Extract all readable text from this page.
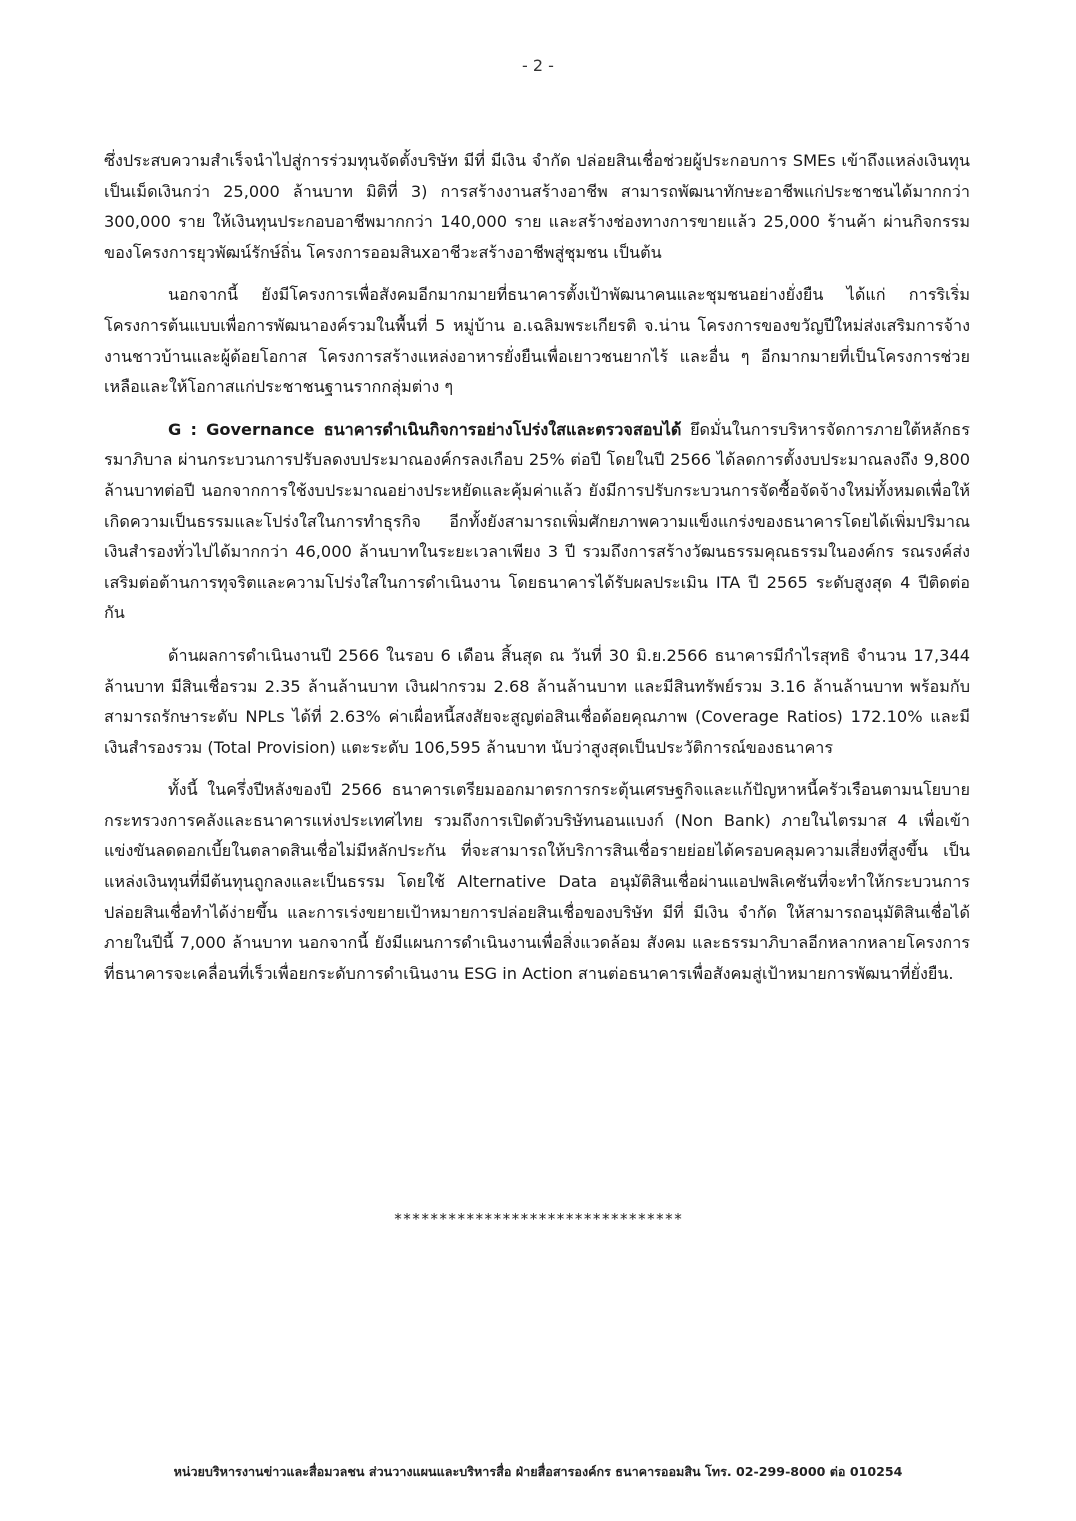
- 2 -

ซึ่งประสบความสำเร็จนำไปสู่การร่วมทุนจัดตั้งบริษัท มีที่ มีเงิน จำกัด ปล่อยสินเชื่อช่วยผู้ประกอบการ SMEs เข้าถึงแหล่งเงินทุนเป็นเม็ดเงินกว่า 25,000 ล้านบาท มิติที่ 3) การสร้างงานสร้างอาชีพ สามารถพัฒนาทักษะอาชีพแก่ประชาชนได้มากกว่า 300,000 ราย ให้เงินทุนประกอบอาชีพมากกว่า 140,000 ราย และสร้างช่องทางการขายแล้ว 25,000 ร้านค้า ผ่านกิจกรรมของโครงการยุวพัฒน์รักษ์ถิ่น โครงการออมสินxอาชีวะสร้างอาชีพสู่ชุมชน เป็นต้น

นอกจากนี้ ยังมีโครงการเพื่อสังคมอีกมากมายที่ธนาคารตั้งเป้าพัฒนาคนและชุมชนอย่างยั่งยืน ได้แก่ การริเริ่มโครงการต้นแบบเพื่อการพัฒนาองค์รวมในพื้นที่ 5 หมู่บ้าน อ.เฉลิมพระเกียรติ จ.น่าน โครงการของขวัญปีใหม่ส่งเสริมการจ้างงานชาวบ้านและผู้ด้อยโอกาส โครงการสร้างแหล่งอาหารยั่งยืนเพื่อเยาวชนยากไร้ และอื่น ๆ อีกมากมายที่เป็นโครงการช่วยเหลือและให้โอกาสแก่ประชาชนฐานรากกลุ่มต่าง ๆ

G : Governance ธนาคารดำเนินกิจการอย่างโปร่งใสและตรวจสอบได้ ยึดมั่นในการบริหารจัดการภายใต้หลักธรรมาภิบาล ผ่านกระบวนการปรับลดงบประมาณองค์กรลงเกือบ 25% ต่อปี โดยในปี 2566 ได้ลดการตั้งงบประมาณลงถึง 9,800 ล้านบาทต่อปี นอกจากการใช้งบประมาณอย่างประหยัดและคุ้มค่าแล้ว ยังมีการปรับกระบวนการจัดซื้อจัดจ้างใหม่ทั้งหมดเพื่อให้เกิดความเป็นธรรมและโปร่งใสในการทำธุรกิจ อีกทั้งยังสามารถเพิ่มศักยภาพความแข็งแกร่งของธนาคารโดยได้เพิ่มปริมาณเงินสำรองทั่วไปได้มากกว่า 46,000 ล้านบาทในระยะเวลาเพียง 3 ปี รวมถึงการสร้างวัฒนธรรมคุณธรรมในองค์กร รณรงค์ส่งเสริมต่อต้านการทุจริตและความโปร่งใสในการดำเนินงาน โดยธนาคารได้รับผลประเมิน ITA ปี 2565 ระดับสูงสุด 4 ปีติดต่อกัน

ด้านผลการดำเนินงานปี 2566 ในรอบ 6 เดือน สิ้นสุด ณ วันที่ 30 มิ.ย.2566 ธนาคารมีกำไรสุทธิ จำนวน 17,344 ล้านบาท มีสินเชื่อรวม 2.35 ล้านล้านบาท เงินฝากรวม 2.68 ล้านล้านบาท และมีสินทรัพย์รวม 3.16 ล้านล้านบาท พร้อมกับสามารถรักษาระดับ NPLs ได้ที่ 2.63% ค่าเผื่อหนี้สงสัยจะสูญต่อสินเชื่อด้อยคุณภาพ (Coverage Ratios) 172.10% และมีเงินสำรองรวม (Total Provision) แตะระดับ 106,595 ล้านบาท นับว่าสูงสุดเป็นประวัติการณ์ของธนาคาร

ทั้งนี้ ในครึ่งปีหลังของปี 2566 ธนาคารเตรียมออกมาตรการกระตุ้นเศรษฐกิจและแก้ปัญหาหนี้ครัวเรือนตามนโยบายกระทรวงการคลังและธนาคารแห่งประเทศไทย รวมถึงการเปิดตัวบริษัทนอนแบงก์ (Non Bank) ภายในไตรมาส 4 เพื่อเข้าแข่งขันลดดอกเบี้ยในตลาดสินเชื่อไม่มีหลักประกัน ที่จะสามารถให้บริการสินเชื่อรายย่อยได้ครอบคลุมความเสี่ยงที่สูงขึ้น เป็นแหล่งเงินทุนที่มีต้นทุนถูกลงและเป็นธรรม โดยใช้ Alternative Data อนุมัติสินเชื่อผ่านแอปพลิเคชันที่จะทำให้กระบวนการปล่อยสินเชื่อทำได้ง่ายขึ้น และการเร่งขยายเป้าหมายการปล่อยสินเชื่อของบริษัท มีที่ มีเงิน จำกัด ให้สามารถอนุมัติสินเชื่อได้ภายในปีนี้ 7,000 ล้านบาท นอกจากนี้ ยังมีแผนการดำเนินงานเพื่อสิ่งแวดล้อม สังคม และธรรมาภิบาลอีกหลากหลายโครงการ ที่ธนาคารจะเคลื่อนที่เร็วเพื่อยกระดับการดำเนินงาน ESG in Action สานต่อธนาคารเพื่อสังคมสู่เป้าหมายการพัฒนาที่ยั่งยืน.

********************************
หน่วยบริหารงานข่าวและสื่อมวลชน ส่วนวางแผนและบริหารสื่อ ฝ่ายสื่อสารองค์กร ธนาคารออมสิน โทร. 02-299-8000 ต่อ 010254
